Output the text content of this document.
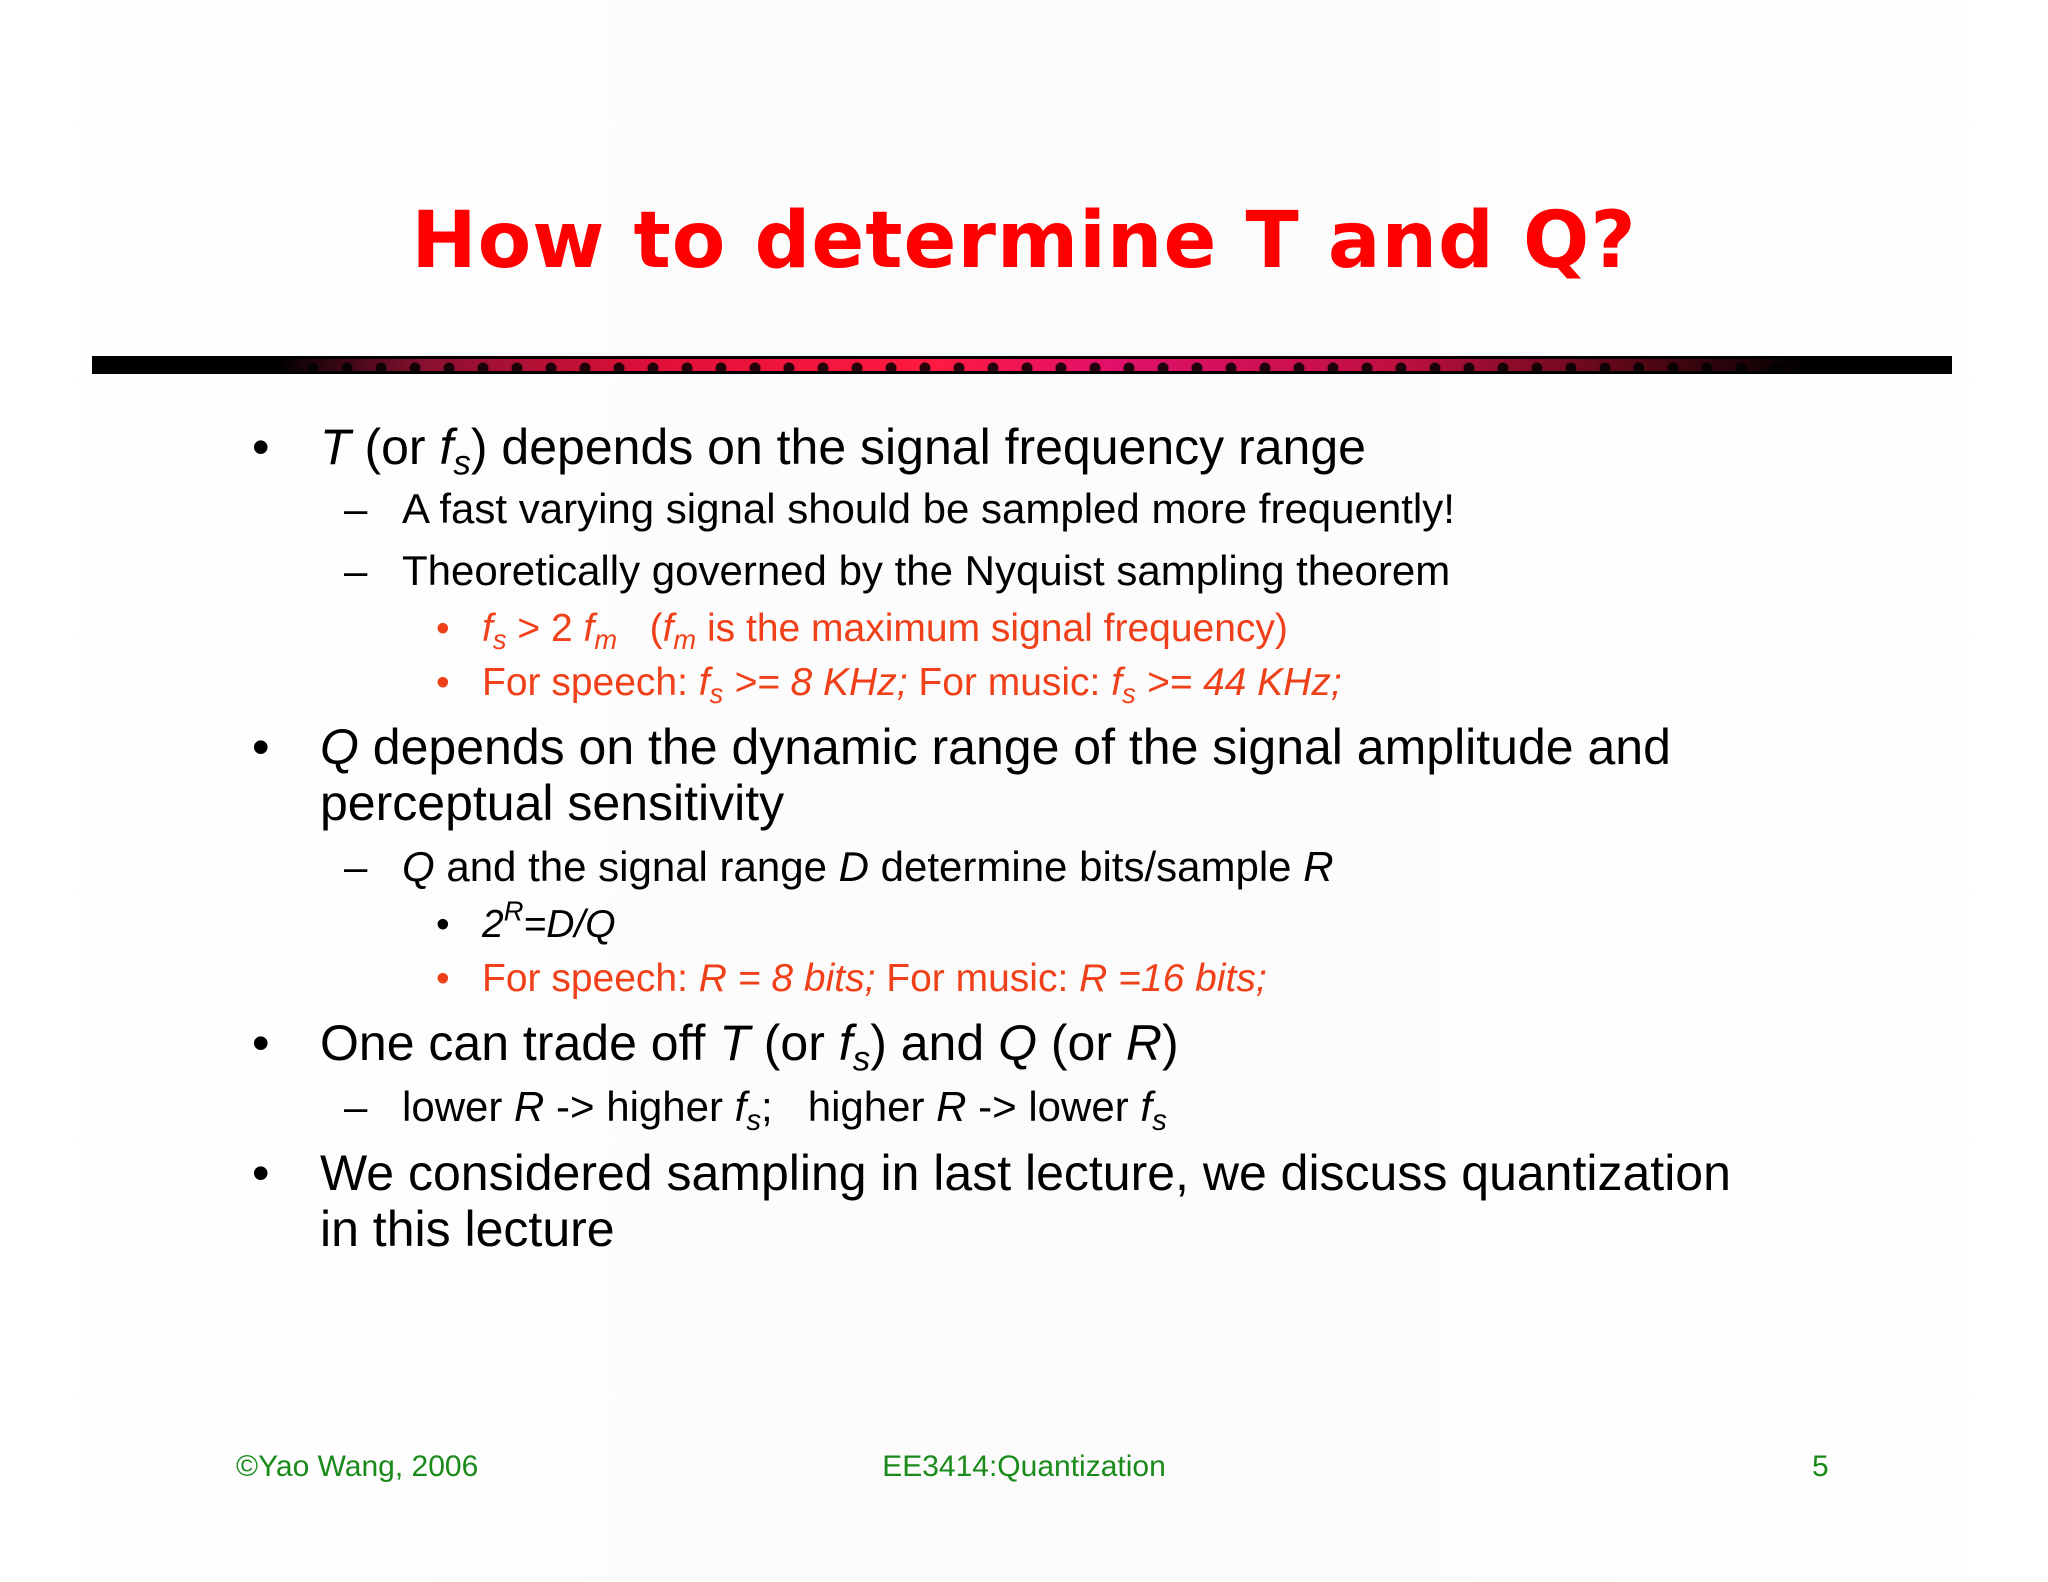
How to determine T and Q?
• T (or $f_s$) depends on the signal frequency range
– A fast varying signal should be sampled more frequently!
– Theoretically governed by the Nyquist sampling theorem
• $f_s > 2$ $f_m$   ($f_m$ is the maximum signal frequency)
• For speech: $f_s >= 8$ KHz; For music: $f_s >= 44$ KHz;
• Q depends on the dynamic range of the signal amplitude and
perceptual sensitivity
– Q and the signal range D determine bits/sample R
• $2^R=D/Q$
• For speech: R = 8 bits; For music: R =16 bits;
• One can trade off T (or $f_s$) and Q (or R)
– lower R -> higher $f_s$;   higher R -> lower $f_s$
• We considered sampling in last lecture, we discuss quantization
in this lecture
©Yao Wang, 2006	EE3414:Quantization	5
